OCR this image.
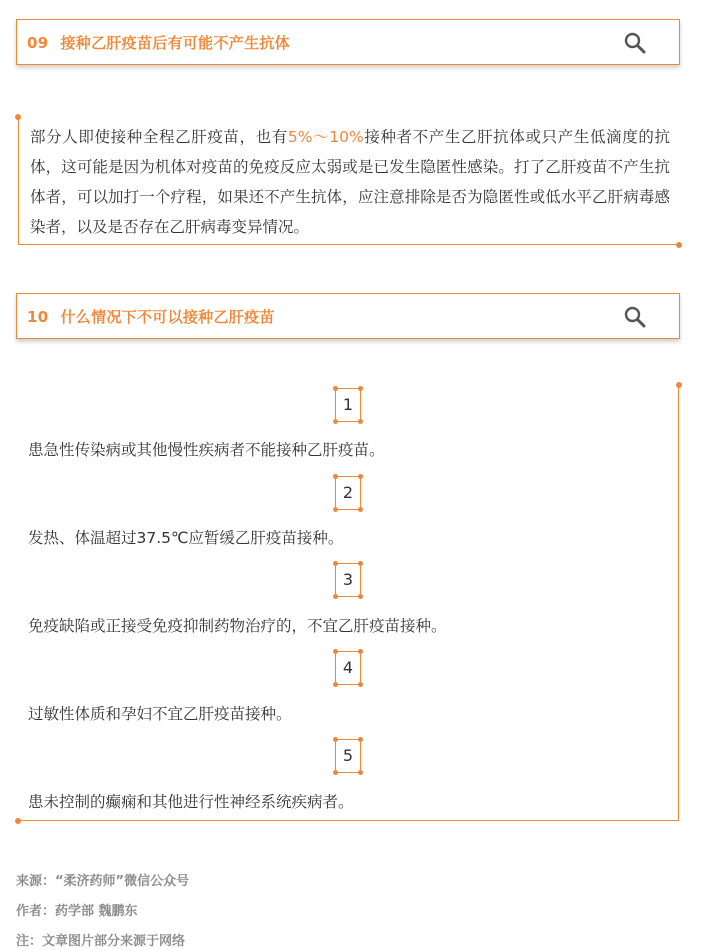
09 接种乙肝疫苗后有可能不产生抗体
部分人即使接种全程乙肝疫苗，也有5%～10%接种者不产生乙肝抗体或只产生低滴度的抗体，这可能是因为机体对疫苗的免疫反应太弱或是已发生隐匿性感染。打了乙肝疫苗不产生抗体者，可以加打一个疗程，如果还不产生抗体，应注意排除是否为隐匿性或低水平乙肝病毒感染者，以及是否存在乙肝病毒变异情况。
10 什么情况下不可以接种乙肝疫苗
1
患急性传染病或其他慢性疾病者不能接种乙肝疫苗。
2
发热、体温超过37.5℃应暂缓乙肝疫苗接种。
3
免疫缺陷或正接受免疫抑制药物治疗的，不宜乙肝疫苗接种。
4
过敏性体质和孕妇不宜乙肝疫苗接种。
5
患未控制的癫痫和其他进行性神经系统疾病者。
来源：“柔济药师”微信公众号
作者：药学部 魏鹏东
注：文章图片部分来源于网络
